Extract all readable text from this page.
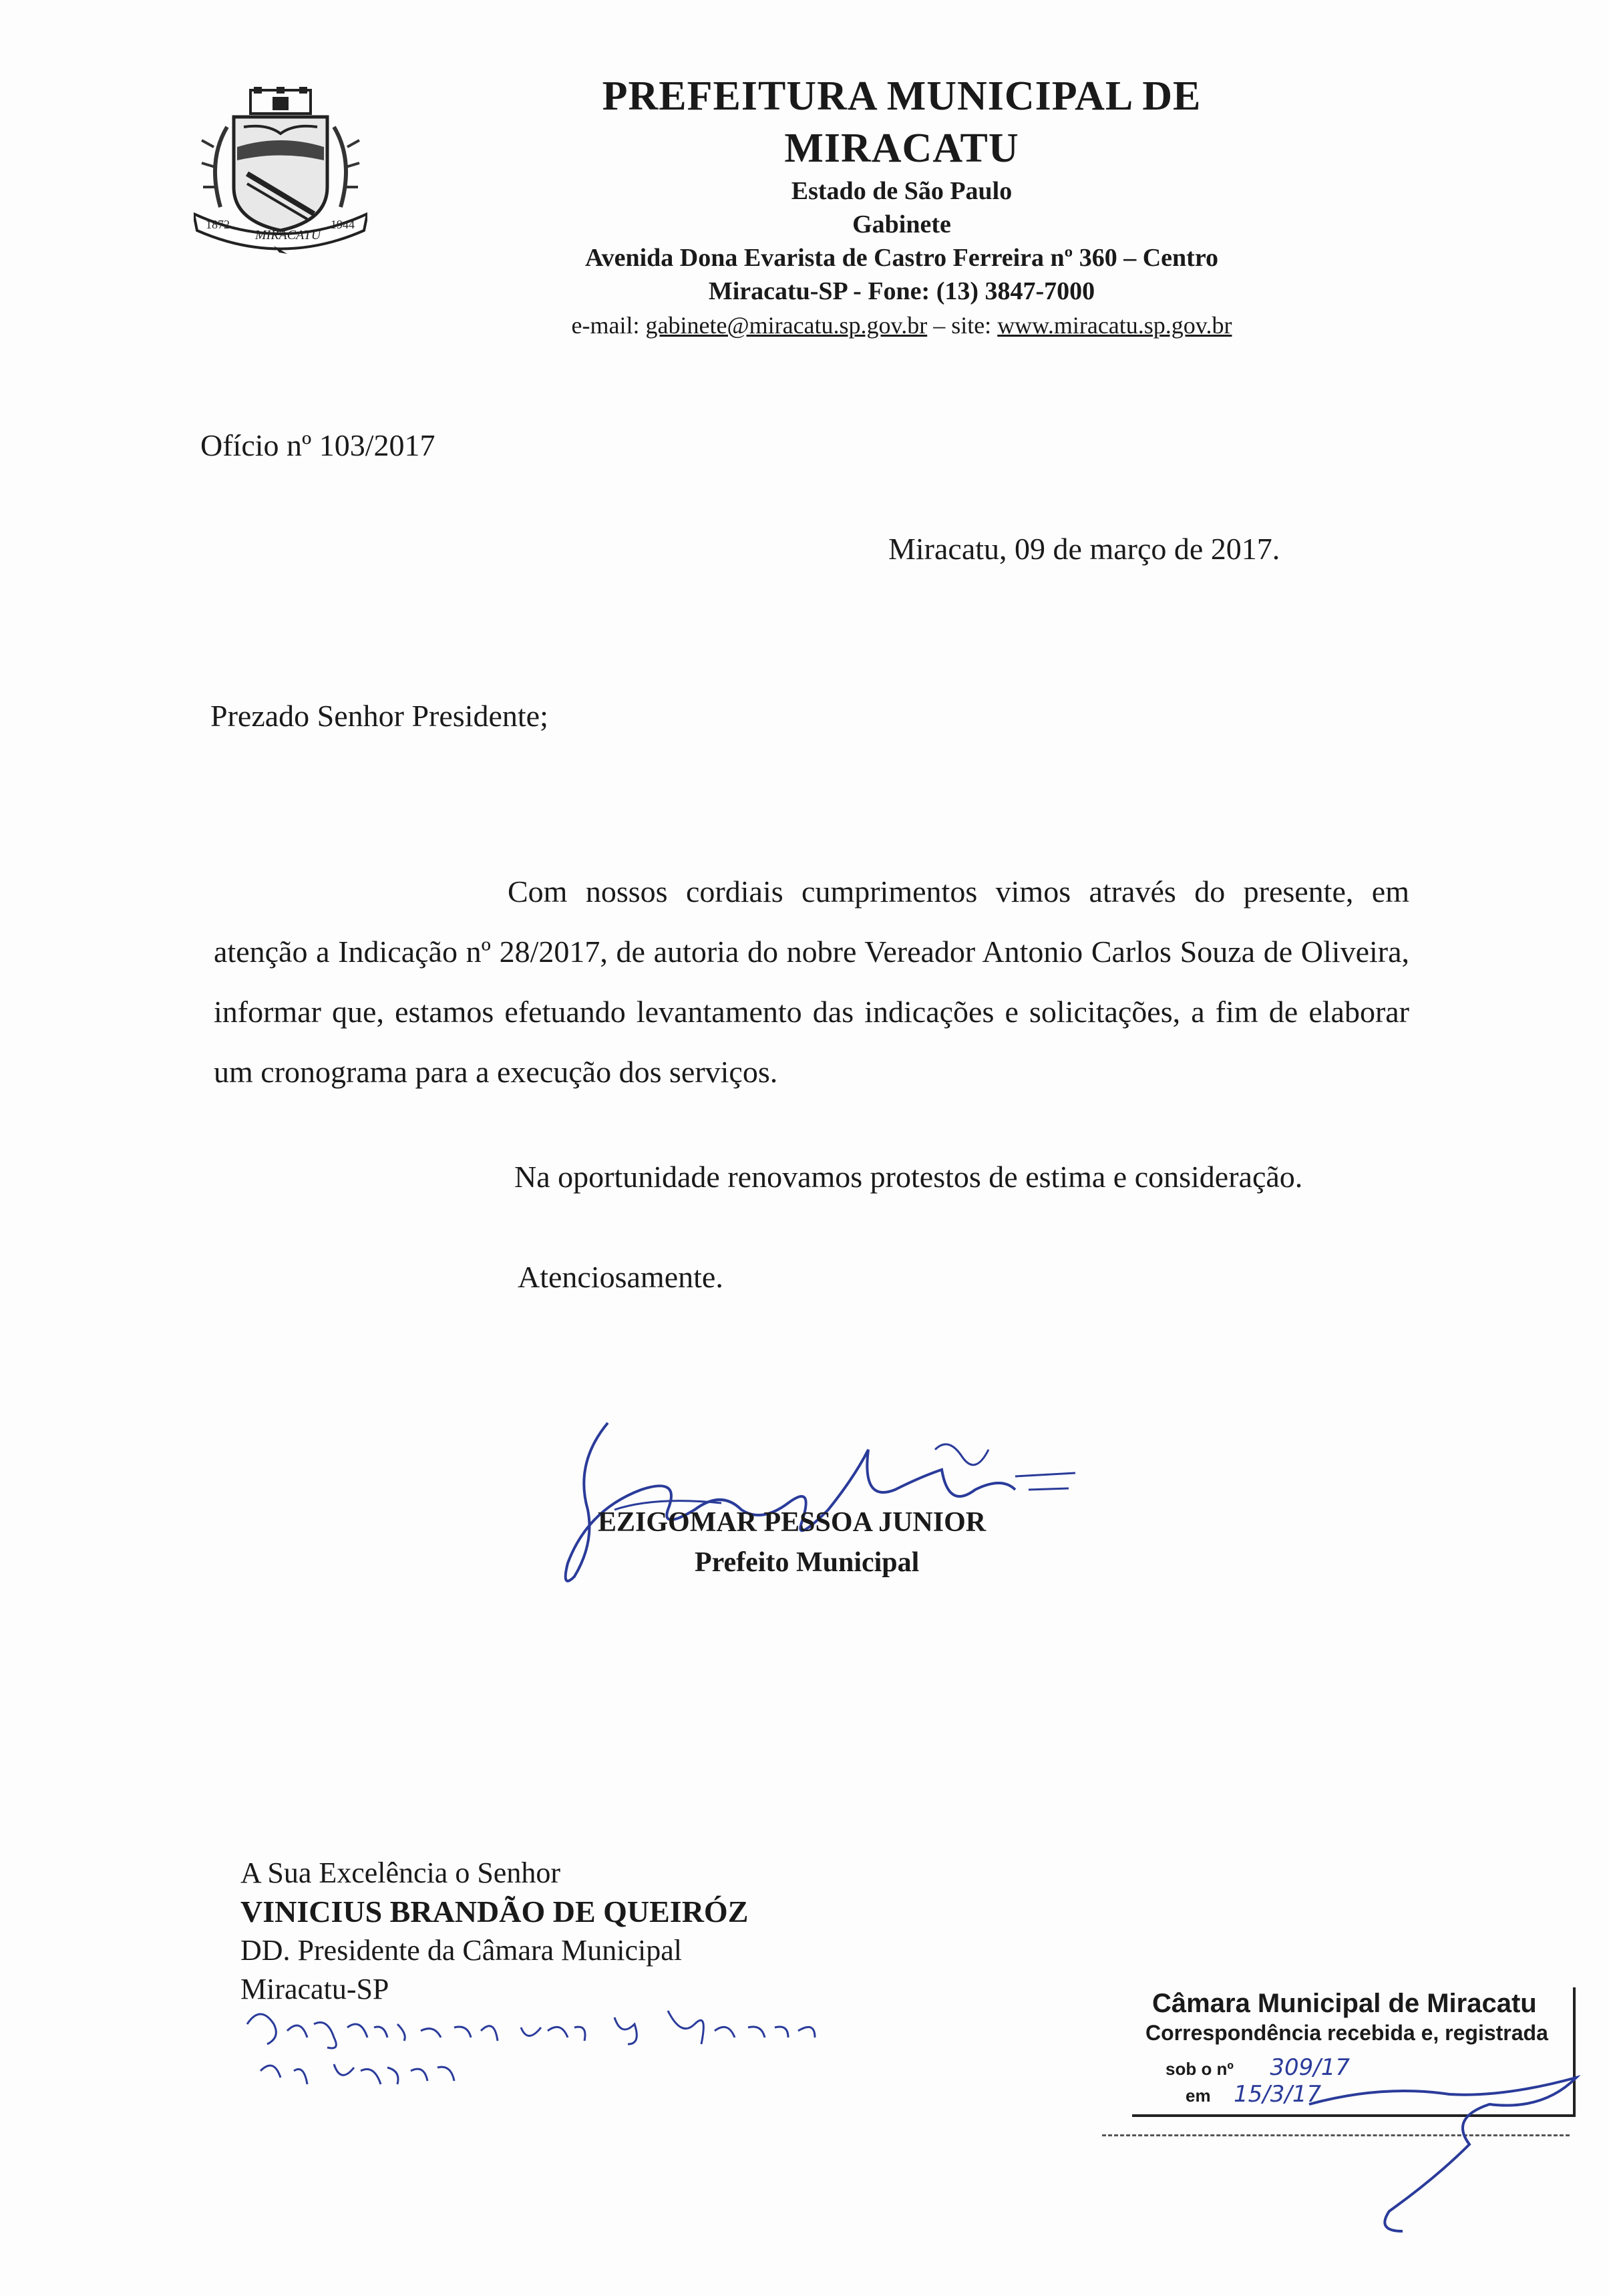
1872
MIRACATU
1944
PREFEITURA MUNICIPAL DE MIRACATU
Estado de São Paulo
Gabinete
Avenida Dona Evarista de Castro Ferreira nº 360 – Centro
Miracatu-SP - Fone: (13) 3847-7000
e-mail: gabinete@miracatu.sp.gov.br – site: www.miracatu.sp.gov.br
Ofício nº 103/2017
Miracatu, 09 de março de 2017.
Prezado Senhor Presidente;
Com nossos cordiais cumprimentos vimos através do presente, em atenção a Indicação nº 28/2017, de autoria do nobre Vereador Antonio Carlos Souza de Oliveira, informar que, estamos efetuando levantamento das indicações e solicitações, a fim de elaborar um cronograma para a execução dos serviços.
Na oportunidade renovamos protestos de estima e consideração.
Atenciosamente.
EZIGOMAR PESSOA JUNIOR
Prefeito Municipal
A Sua Excelência o Senhor
VINICIUS BRANDÃO DE QUEIRÓZ
DD. Presidente da Câmara Municipal
Miracatu-SP	Câmara Municipal de Miracatu
Correspondência recebida e, registrada
sob o nº 309/17
em 15/3/17
